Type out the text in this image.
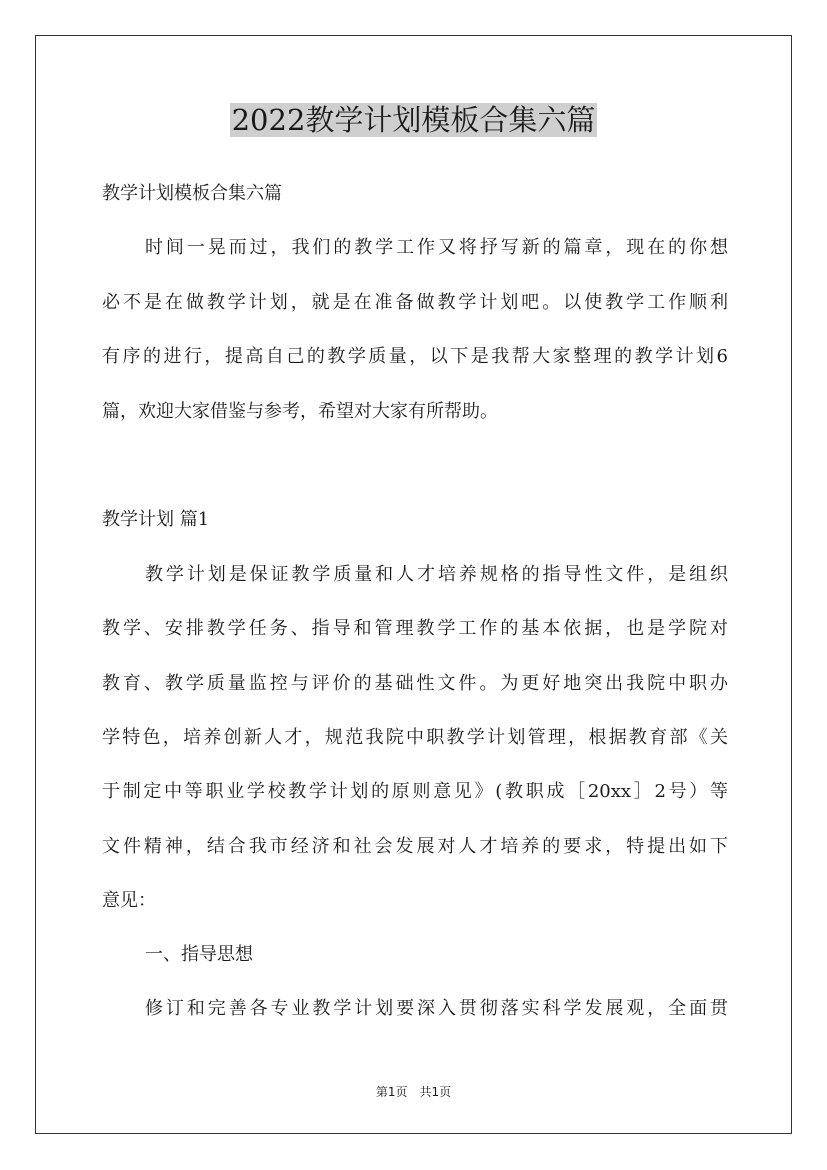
2022教学计划模板合集六篇

教学计划模板合集六篇

时间一晃而过，我们的教学工作又将抒写新的篇章，现在的你想

必不是在做教学计划，就是在准备做教学计划吧。以使教学工作顺利

有序的进行，提高自己的教学质量，以下是我帮大家整理的教学计划6

篇，欢迎大家借鉴与参考，希望对大家有所帮助。

教学计划 篇1

教学计划是保证教学质量和人才培养规格的指导性文件，是组织

教学、安排教学任务、指导和管理教学工作的基本依据，也是学院对

教育、教学质量监控与评价的基础性文件。为更好地突出我院中职办

学特色，培养创新人才，规范我院中职教学计划管理，根据教育部《关

于制定中等职业学校教学计划的原则意见》(教职成［20xx］2号）等

文件精神，结合我市经济和社会发展对人才培养的要求，特提出如下

意见：

一、指导思想

修订和完善各专业教学计划要深入贯彻落实科学发展观，全面贯

第1页　共1页
